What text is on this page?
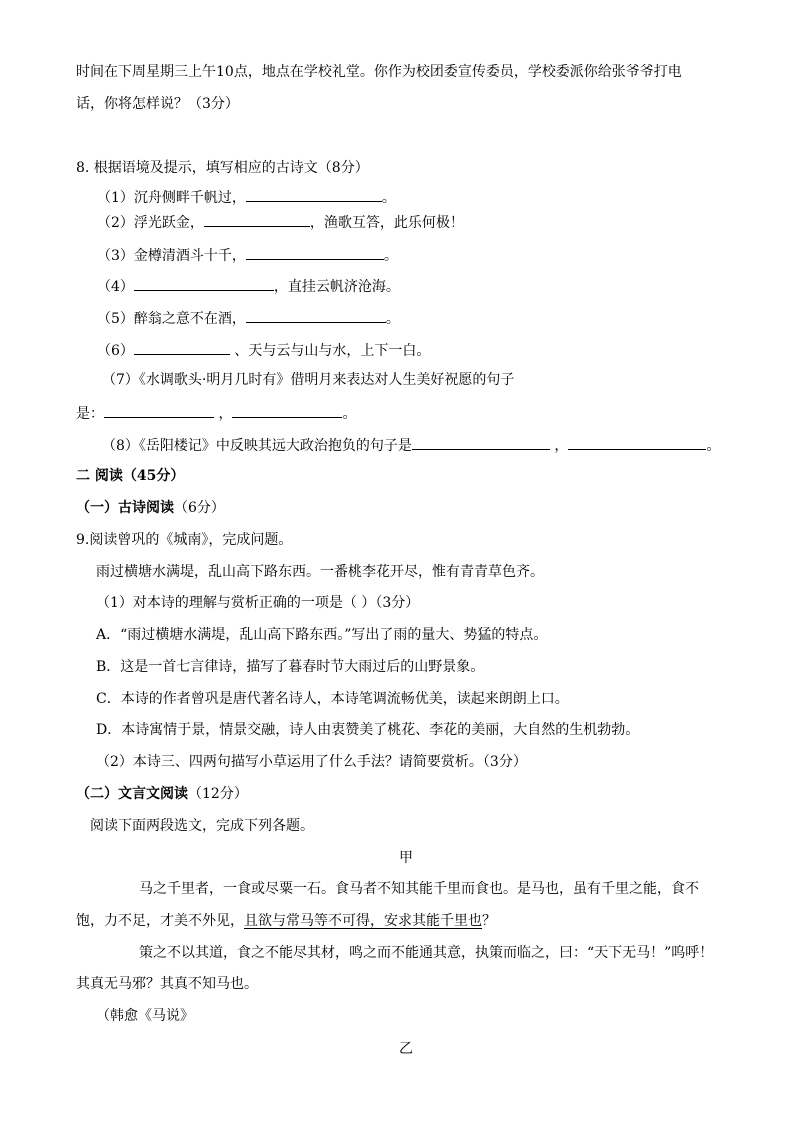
时间在下周星期三上午10点，地点在学校礼堂。你作为校团委宣传委员，学校委派你给张爷爷打电
话，你将怎样说？（3分）
8. 根据语境及提示，填写相应的古诗文（8分）
（1）沉舟侧畔千帆过，	。
（2）浮光跃金，	，渔歌互答，此乐何极！
（3）金樽清酒斗十千，	。
（4）	，直挂云帆济沧海。
（5）醉翁之意不在酒，	。
（6）	、天与云与山与水，上下一白。
（7）《水调歌头·明月几时有》借明月来表达对人生美好祝愿的句子
是：	，	。
（8）《岳阳楼记》中反映其远大政治抱负的句子是	，	。
二 阅读（45分）
（一）古诗阅读（6分）
9.阅读曾巩的《城南》，完成问题。
雨过横塘水满堤，乱山高下路东西。一番桃李花开尽，惟有青青草色齐。
（1）对本诗的理解与赏析正确的一项是（ ）（3分）
A．“雨过横塘水满堤，乱山高下路东西。”写出了雨的量大、势猛的特点。
B．这是一首七言律诗，描写了暮春时节大雨过后的山野景象。
C．本诗的作者曾巩是唐代著名诗人，本诗笔调流畅优美，读起来朗朗上口。
D．本诗寓情于景，情景交融，诗人由衷赞美了桃花、李花的美丽，大自然的生机勃勃。
（2）本诗三、四两句描写小草运用了什么手法？请简要赏析。（3分）
（二）文言文阅读（12分）
阅读下面两段选文，完成下列各题。
甲
马之千里者，一食或尽粟一石。食马者不知其能千里而食也。是马也，虽有千里之能，食不
饱，力不足，才美不外见，且欲与常马等不可得，安求其能千里也？
策之不以其道，食之不能尽其材，鸣之而不能通其意，执策而临之，曰：“天下无马！”呜呼！
其真无马邪？其真不知马也。
（韩愈《马说》
乙
